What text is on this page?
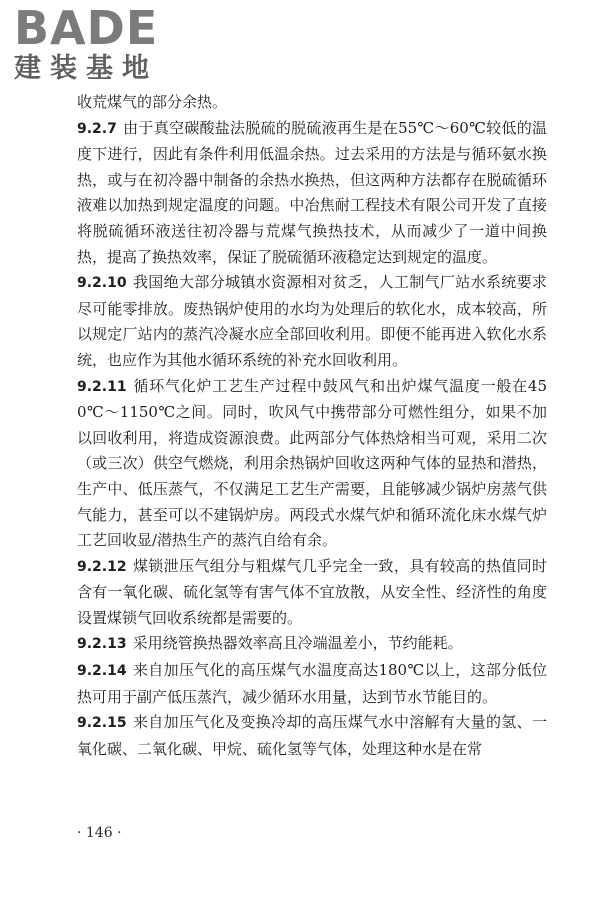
BADE
建装基地

收荒煤气的部分余热。

9.2.7 由于真空碳酸盐法脱硫的脱硫液再生是在55℃～60℃较低的温度下进行，因此有条件利用低温余热。过去采用的方法是与循环氨水换热，或与在初冷器中制备的余热水换热，但这两种方法都存在脱硫循环液难以加热到规定温度的问题。中冶焦耐工程技术有限公司开发了直接将脱硫循环液送往初冷器与荒煤气换热技术，从而减少了一道中间换热，提高了换热效率，保证了脱硫循环液稳定达到规定的温度。

9.2.10 我国绝大部分城镇水资源相对贫乏，人工制气厂站水系统要求尽可能零排放。废热锅炉使用的水均为处理后的软化水，成本较高，所以规定厂站内的蒸汽冷凝水应全部回收利用。即便不能再进入软化水系统，也应作为其他水循环系统的补充水回收利用。

9.2.11 循环气化炉工艺生产过程中鼓风气和出炉煤气温度一般在450℃～1150℃之间。同时，吹风气中携带部分可燃性组分，如果不加以回收利用，将造成资源浪费。此两部分气体热焓相当可观，采用二次（或三次）供空气燃烧，利用余热锅炉回收这两种气体的显热和潜热，生产中、低压蒸气，不仅满足工艺生产需要，且能够减少锅炉房蒸气供气能力，甚至可以不建锅炉房。两段式水煤气炉和循环流化床水煤气炉工艺回收显/潜热生产的蒸汽自给有余。

9.2.12 煤锁泄压气组分与粗煤气几乎完全一致，具有较高的热值同时含有一氧化碳、硫化氢等有害气体不宜放散，从安全性、经济性的角度设置煤锁气回收系统都是需要的。

9.2.13 采用绕管换热器效率高且冷端温差小，节约能耗。

9.2.14 来自加压气化的高压煤气水温度高达180℃以上，这部分低位热可用于副产低压蒸汽，减少循环水用量，达到节水节能目的。

9.2.15 来自加压气化及变换冷却的高压煤气水中溶解有大量的氢、一氧化碳、二氧化碳、甲烷、硫化氢等气体，处理这种水是在常

· 146 ·
